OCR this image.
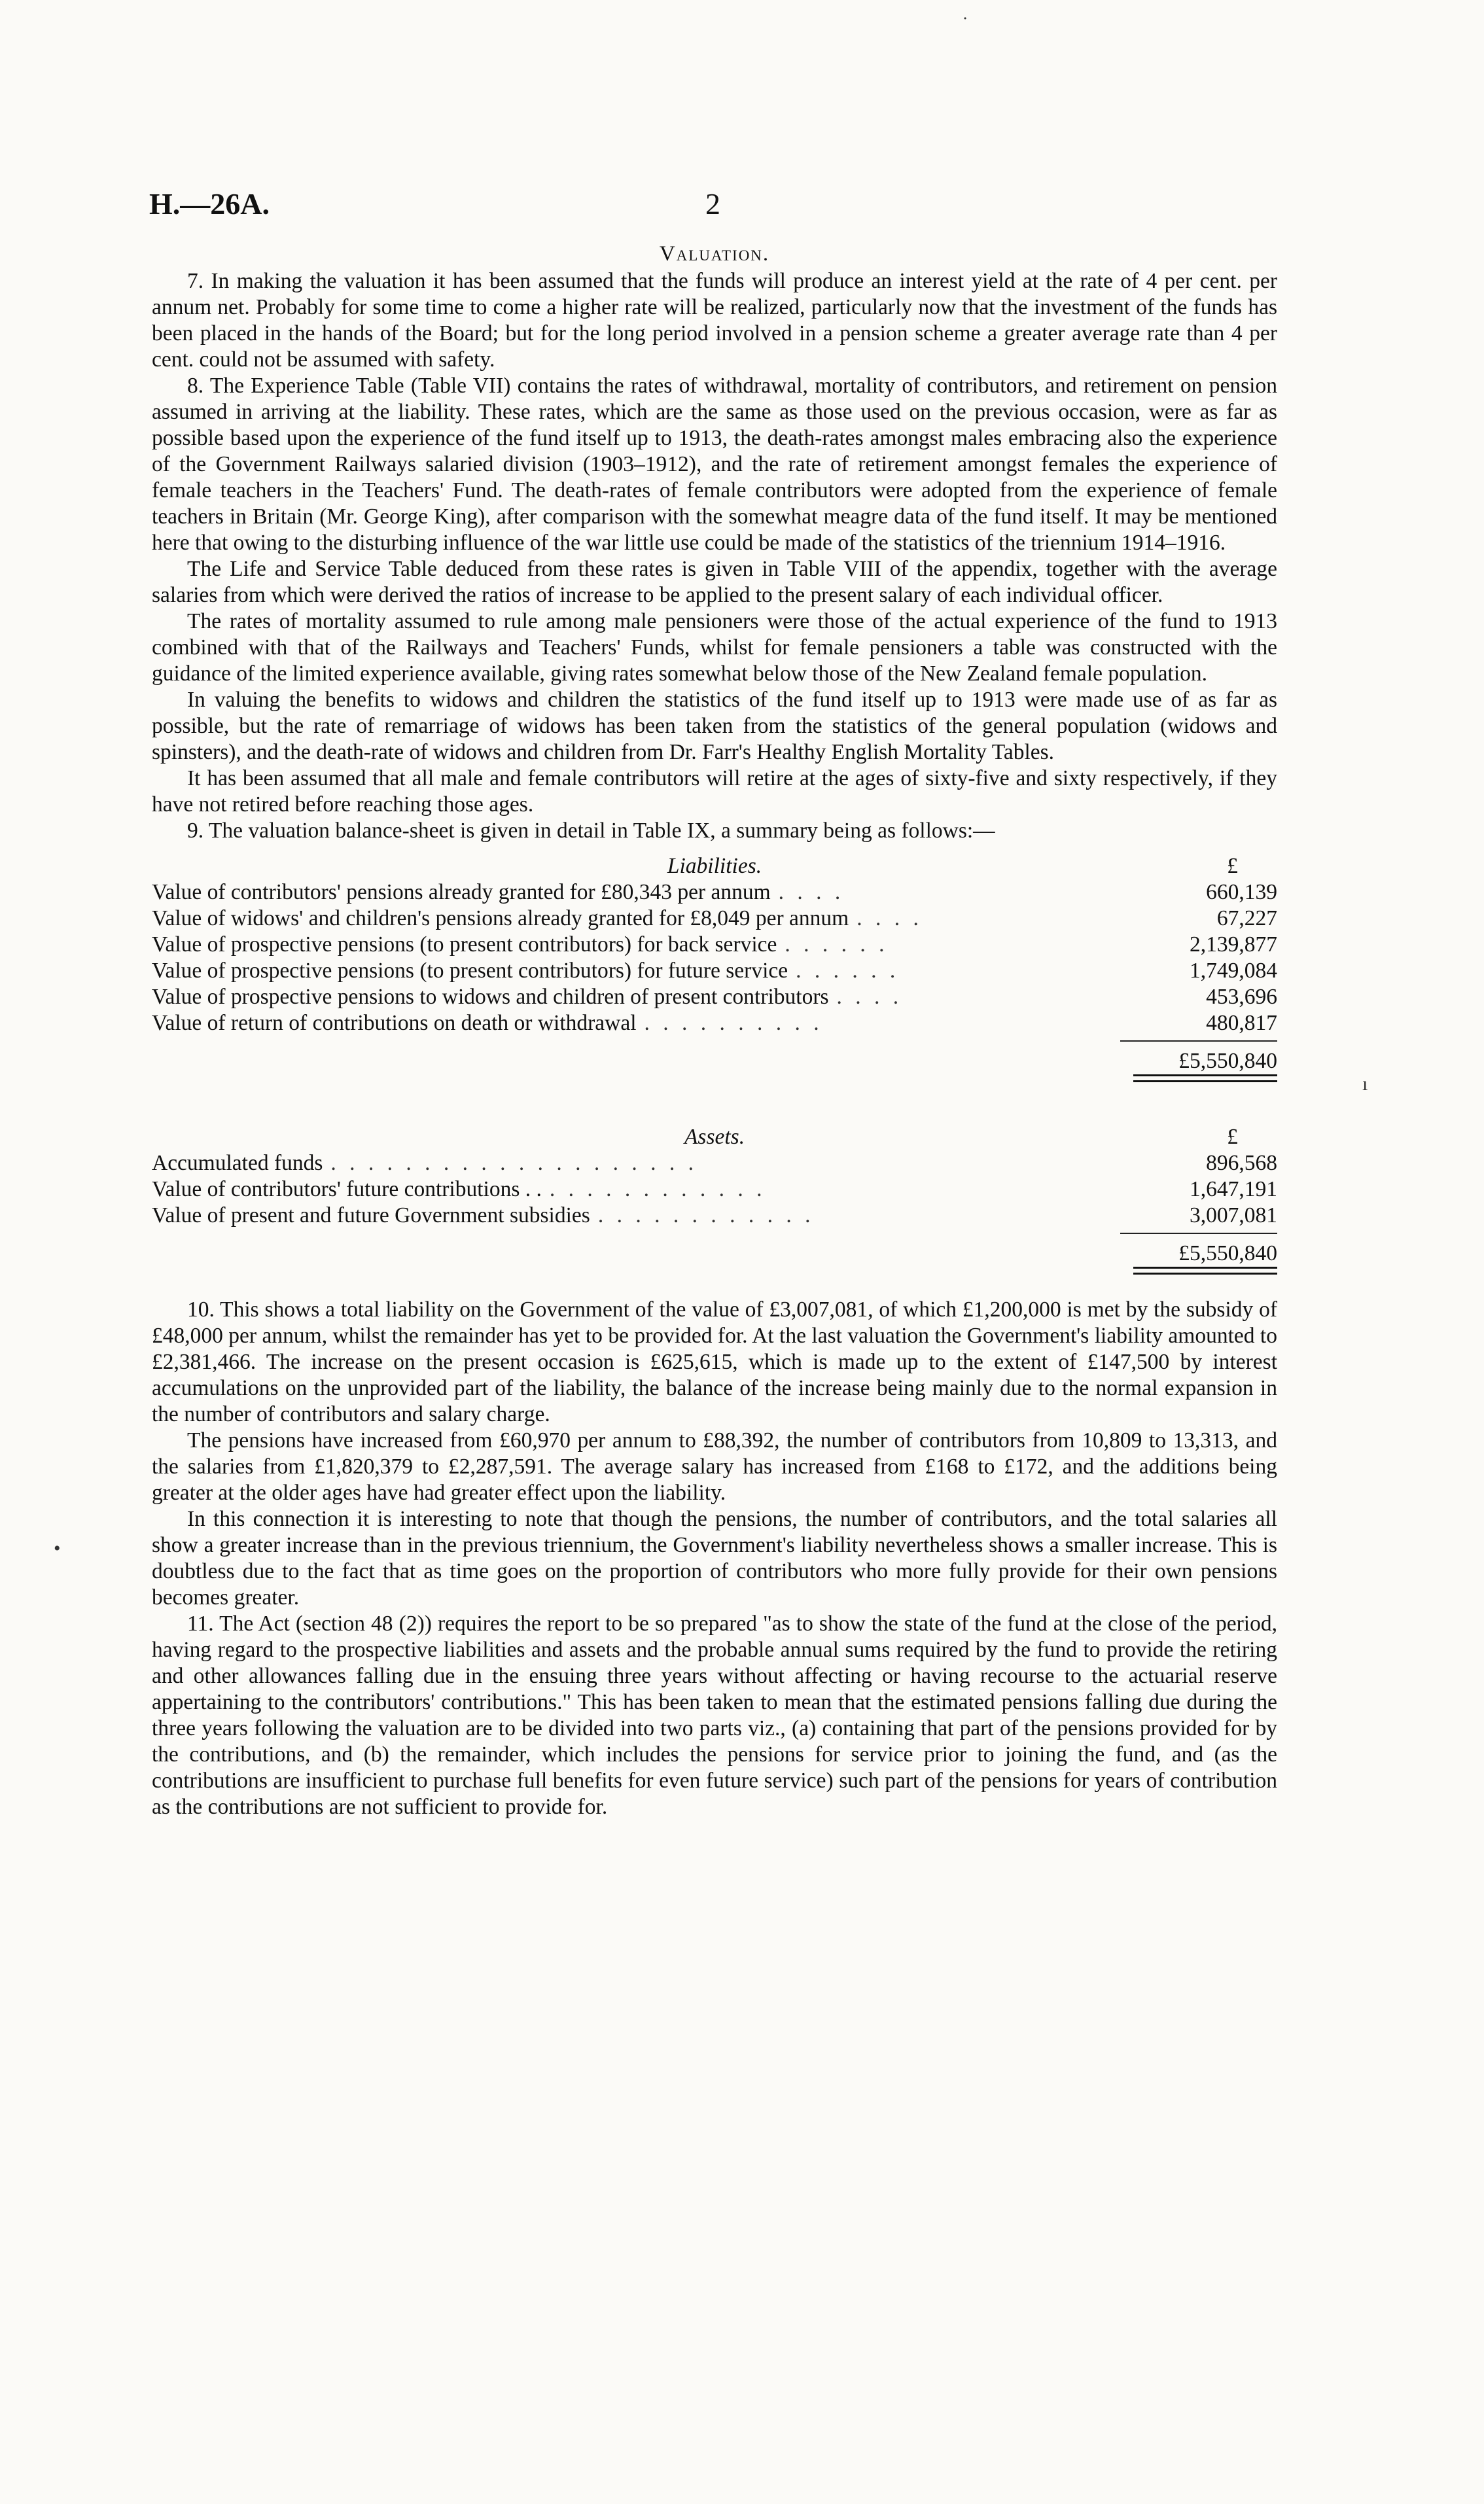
H.—26A.	2
Valuation.

7. In making the valuation it has been assumed that the funds will produce an interest yield at the rate of 4 per cent. per annum net. Probably for some time to come a higher rate will be realized, particularly now that the investment of the funds has been placed in the hands of the Board; but for the long period involved in a pension scheme a greater average rate than 4 per cent. could not be assumed with safety.

8. The Experience Table (Table VII) contains the rates of withdrawal, mortality of contributors, and retirement on pension assumed in arriving at the liability. These rates, which are the same as those used on the previous occasion, were as far as possible based upon the experience of the fund itself up to 1913, the death-rates amongst males embracing also the experience of the Government Railways salaried division (1903–1912), and the rate of retirement amongst females the experience of female teachers in the Teachers' Fund. The death-rates of female contributors were adopted from the experience of female teachers in Britain (Mr. George King), after comparison with the somewhat meagre data of the fund itself. It may be mentioned here that owing to the disturbing influence of the war little use could be made of the statistics of the triennium 1914–1916.

The Life and Service Table deduced from these rates is given in Table VIII of the appendix, together with the average salaries from which were derived the ratios of increase to be applied to the present salary of each individual officer.

The rates of mortality assumed to rule among male pensioners were those of the actual experience of the fund to 1913 combined with that of the Railways and Teachers' Funds, whilst for female pensioners a table was constructed with the guidance of the limited experience available, giving rates somewhat below those of the New Zealand female population.

In valuing the benefits to widows and children the statistics of the fund itself up to 1913 were made use of as far as possible, but the rate of remarriage of widows has been taken from the statistics of the general population (widows and spinsters), and the death-rate of widows and children from Dr. Farr's Healthy English Mortality Tables.

It has been assumed that all male and female contributors will retire at the ages of sixty-five and sixty respectively, if they have not retired before reaching those ages.

9. The valuation balance-sheet is given in detail in Table IX, a summary being as follows:—

Liabilities.	£
Value of contributors' pensions already granted for £80,343 per annum . . . .	660,139
Value of widows' and children's pensions already granted for £8,049 per annum . . . .	67,227
Value of prospective pensions (to present contributors) for back service . . . . . .	2,139,877
Value of prospective pensions (to present contributors) for future service . . . . . .	1,749,084
Value of prospective pensions to widows and children of present contributors . . . .	453,696
Value of return of contributions on death or withdrawal . . . . . . . . . .	480,817
£5,550,840
Assets.	£
Accumulated funds . . . . . . . . . . . . . . . . . . . .	896,568
Value of contributors' future contributions . . . . . . . . . . . . . .	1,647,191
Value of present and future Government subsidies . . . . . . . . . . . .	3,007,081
£5,550,840

10. This shows a total liability on the Government of the value of £3,007,081, of which £1,200,000 is met by the subsidy of £48,000 per annum, whilst the remainder has yet to be provided for. At the last valuation the Government's liability amounted to £2,381,466. The increase on the present occasion is £625,615, which is made up to the extent of £147,500 by interest accumulations on the unprovided part of the liability, the balance of the increase being mainly due to the normal expansion in the number of contributors and salary charge.

The pensions have increased from £60,970 per annum to £88,392, the number of contributors from 10,809 to 13,313, and the salaries from £1,820,379 to £2,287,591. The average salary has increased from £168 to £172, and the additions being greater at the older ages have had greater effect upon the liability.

In this connection it is interesting to note that though the pensions, the number of contributors, and the total salaries all show a greater increase than in the previous triennium, the Government's liability nevertheless shows a smaller increase. This is doubtless due to the fact that as time goes on the proportion of contributors who more fully provide for their own pensions becomes greater.

11. The Act (section 48 (2)) requires the report to be so prepared "as to show the state of the fund at the close of the period, having regard to the prospective liabilities and assets and the probable annual sums required by the fund to provide the retiring and other allowances falling due in the ensuing three years without affecting or having recourse to the actuarial reserve appertaining to the contributors' contributions." This has been taken to mean that the estimated pensions falling due during the three years following the valuation are to be divided into two parts viz., (a) containing that part of the pensions provided for by the contributions, and (b) the remainder, which includes the pensions for service prior to joining the fund, and (as the contributions are insufficient to purchase full benefits for even future service) such part of the pensions for years of contribution as the contributions are not sufficient to provide for.

˙
ı
•
